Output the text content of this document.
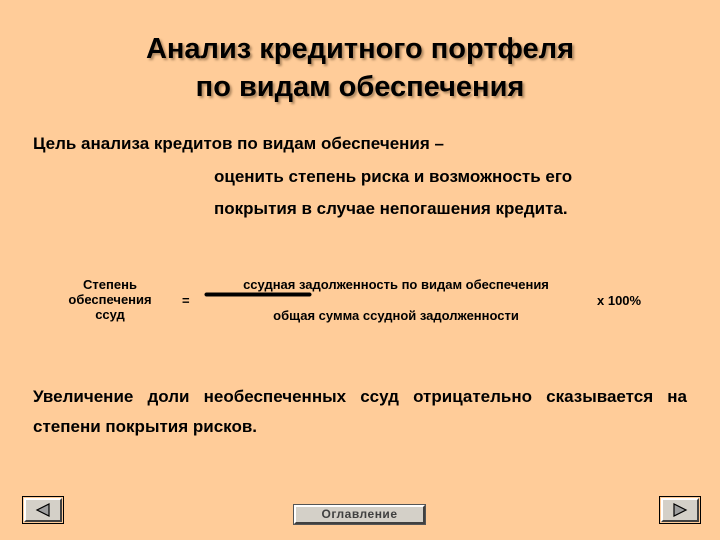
Анализ кредитного портфеля
по видам обеспечения
Цель анализа кредитов по видам обеспечения –
оценить степень риска и возможность его
покрытия в случае непогашения кредита.
Степень
обеспечения
ссуд
=
ссудная задолженность по видам обеспечения
••••••••••••••••••••••••••••••••••••••••••••••••••••••••••••••••••••••••••••••••••••••••••••••••••••••••
общая сумма ссудной задолженности
х 100%
Увеличение доли необеспеченных ссуд отрицательно сказывается на степени покрытия рисков.
Оглавление
